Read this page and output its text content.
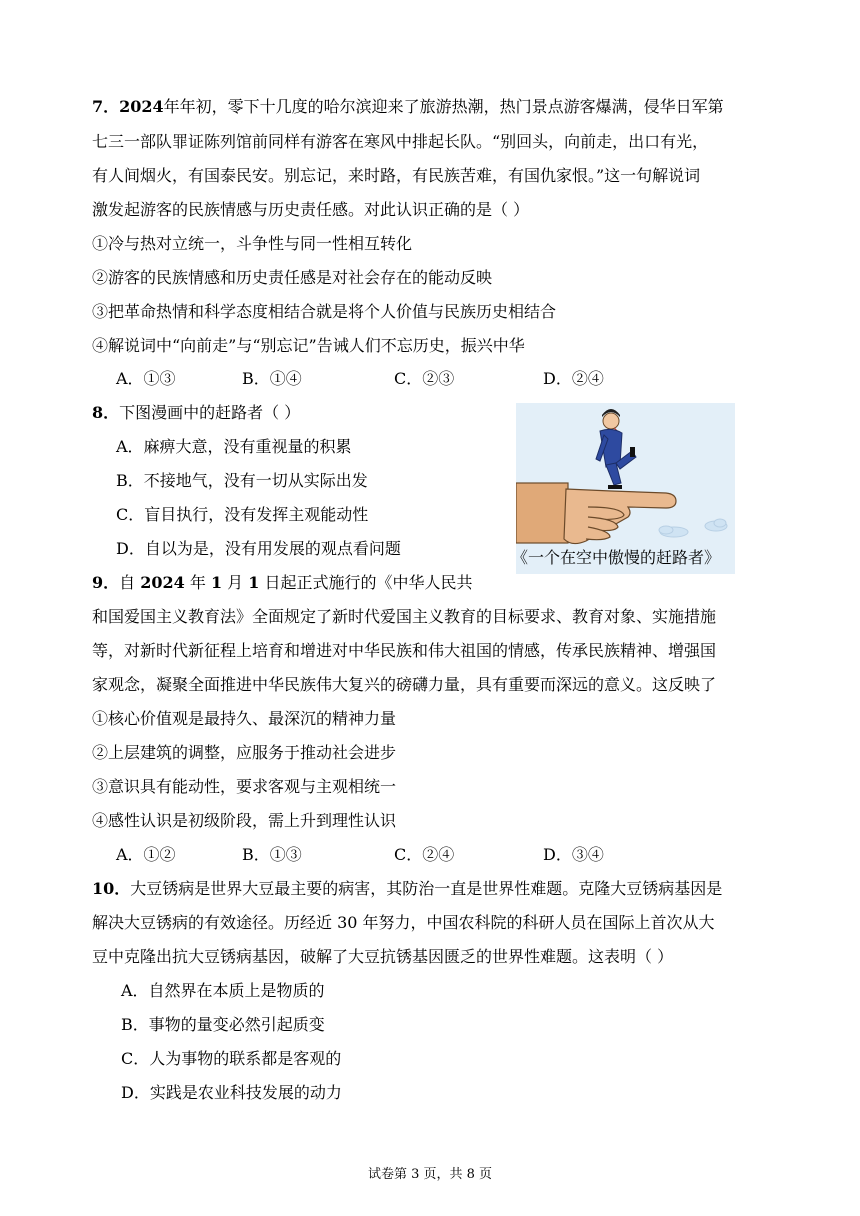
7．2024年年初，零下十几度的哈尔滨迎来了旅游热潮，热门景点游客爆满，侵华日军第
七三一部队罪证陈列馆前同样有游客在寒风中排起长队。“别回头，向前走，出口有光，
有人间烟火，有国泰民安。别忘记，来时路，有民族苦难，有国仇家恨。”这一句解说词
激发起游客的民族情感与历史责任感。对此认识正确的是（ ）
①冷与热对立统一，斗争性与同一性相互转化
②游客的民族情感和历史责任感是对社会存在的能动反映
③把革命热情和科学态度相结合就是将个人价值与民族历史相结合
④解说词中“向前走”与“别忘记”告诫人们不忘历史，振兴中华
A．①③	B．①④	C．②③	D．②④
8．下图漫画中的赶路者（ ）
A．麻痹大意，没有重视量的积累
B．不接地气，没有一切从实际出发
C．盲目执行，没有发挥主观能动性
D．自以为是，没有用发展的观点看问题	《一个在空中傲慢的赶路者》
9．自 2024 年 1 月 1 日起正式施行的《中华人民共
和国爱国主义教育法》全面规定了新时代爱国主义教育的目标要求、教育对象、实施措施
等，对新时代新征程上培育和增进对中华民族和伟大祖国的情感，传承民族精神、增强国
家观念，凝聚全面推进中华民族伟大复兴的磅礴力量，具有重要而深远的意义。这反映了
①核心价值观是最持久、最深沉的精神力量
②上层建筑的调整，应服务于推动社会进步
③意识具有能动性，要求客观与主观相统一
④感性认识是初级阶段，需上升到理性认识
A．①②	B．①③	C．②④	D．③④
10．大豆锈病是世界大豆最主要的病害，其防治一直是世界性难题。克隆大豆锈病基因是
解决大豆锈病的有效途径。历经近 30 年努力，中国农科院的科研人员在国际上首次从大
豆中克隆出抗大豆锈病基因，破解了大豆抗锈基因匮乏的世界性难题。这表明（ ）
A．自然界在本质上是物质的
B．事物的量变必然引起质变
C．人为事物的联系都是客观的
D．实践是农业科技发展的动力
试卷第 3 页，共 8 页
